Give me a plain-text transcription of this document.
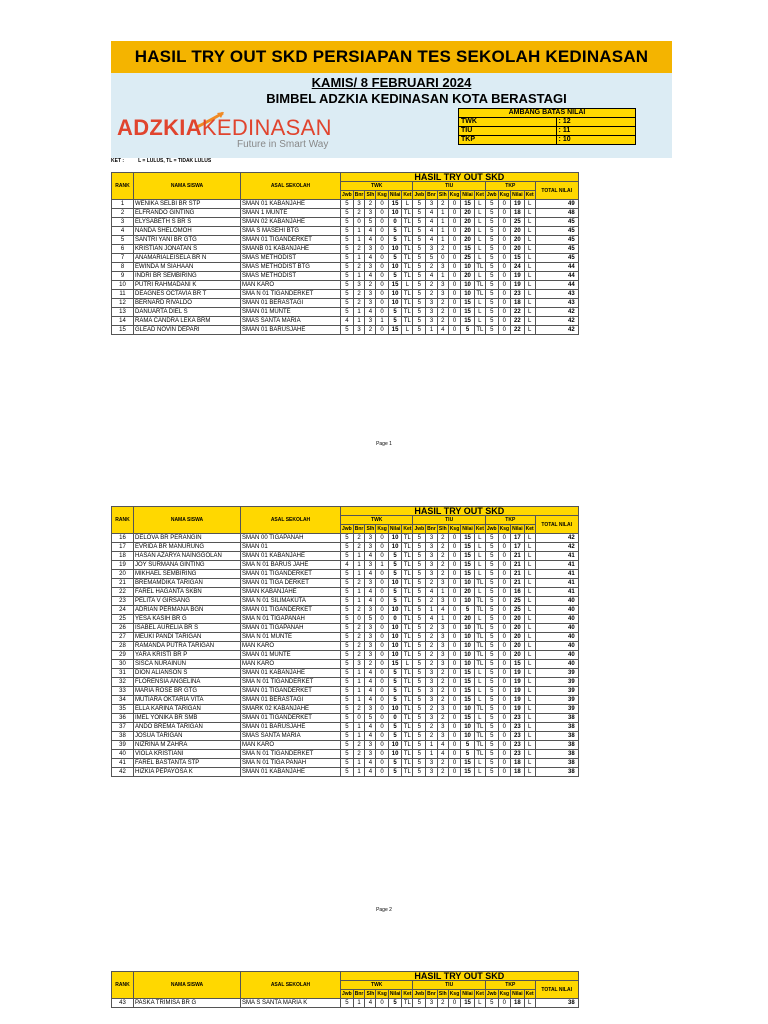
HASIL TRY OUT SKD PERSIAPAN TES SEKOLAH KEDINASAN
KAMIS/ 8 FEBRUARI 2024
BIMBEL ADZKIA KEDINASAN KOTA BERASTAGI
ADZKIAKEDINASAN
Future in Smart Way
AMBANG BATAS NILAI	
TWK	: 12
TIU	: 11
TKP	: 10
KET :	L = LULUS, TL = TIDAK LULUS
RANK	NAMA SISWA	ASAL SEKOLAH	HASIL TRY OUT SKD																
			TWK						TIU						TKP				TOTAL NILAI
			Jwb	Bnr	Slh	Ksg	Nilai	Ket	Jwb	Bnr	Slh	Ksg	Nilai	Ket	Jwb	Ksg	Nilai	Ket	
1	WENIKA SELBI BR STP	SMAN 01 KABANJAHE	5	3	2	0	15	L	5	3	2	0	15	L	5	0	19	L	49
2	ELFRANDO GINTING	SMAN 1 MUNTE	5	2	3	0	10	TL	5	4	1	0	20	L	5	0	18	L	48
3	ELYSABETH S BR S	SMAN 02 KABANJAHE	5	0	5	0	0	TL	5	4	1	0	20	L	5	0	25	L	45
4	NANDA SHELOMOH	SMA S MASEHI BTG	5	1	4	0	5	TL	5	4	1	0	20	L	5	0	20	L	45
5	SANTRI YANI BR GTG	SMAN 01 TIGANDERKET	5	1	4	0	5	TL	5	4	1	0	20	L	5	0	20	L	45
6	KRISTIAN JONATAN S	SMANB 01 KABANJAHE	5	2	3	0	10	TL	5	3	2	0	15	L	5	0	20	L	45
7	ANAMARIALEISELA BR N	SMAS METHODIST	5	1	4	0	5	TL	5	5	0	0	25	L	5	0	15	L	45
8	EWINDA M SIAHAAN	SMAS METHODIST BTG	5	2	3	0	10	TL	5	2	3	0	10	TL	5	0	24	L	44
9	INDRI BR SEMBIRING	SMAS METHODIST	5	1	4	0	5	TL	5	4	1	0	20	L	5	0	19	L	44
10	PUTRI RAHMADANI K	MAN KARO	5	3	2	0	15	L	5	2	3	0	10	TL	5	0	19	L	44
11	DEAGNES OCTAVIA BR T	SMA N 01 TIGANDERKET	5	2	3	0	10	TL	5	2	3	0	10	TL	5	0	23	L	43
12	BERNARD RIVALDO	SMAN 01 BERASTAGI	5	2	3	0	10	TL	5	3	2	0	15	L	5	0	18	L	43
13	DANUARTA DIEL S	SMAN 01 MUNTE	5	1	4	0	5	TL	5	3	2	0	15	L	5	0	22	L	42
14	RAMA CANDRA LEKA BRM	SMAS SANTA MARIA	4	1	3	1	5	TL	5	3	2	0	15	L	5	0	22	L	42
15	GLEAD NOVIN DEPARI	SMAN 01 BARUSJAHE	5	3	2	0	15	L	5	1	4	0	5	TL	5	0	22	L	42
RANK	NAMA SISWA	ASAL SEKOLAH	HASIL TRY OUT SKD																
			TWK						TIU						TKP				TOTAL NILAI
			Jwb	Bnr	Slh	Ksg	Nilai	Ket	Jwb	Bnr	Slh	Ksg	Nilai	Ket	Jwb	Ksg	Nilai	Ket	
16	DELOVA BR PERANGIN	SMAN 00 TIGAPANAH	5	2	3	0	10	TL	5	3	2	0	15	L	5	0	17	L	42
17	EVRIDA BR MANURUNG	SMAN 01	5	2	3	0	10	TL	5	3	2	0	15	L	5	0	17	L	42
18	HASAN AZARYA NAINGGOLAN	SMAN 01 KABANJAHE	5	1	4	0	5	TL	5	3	2	0	15	L	5	0	21	L	41
19	JOY SURMANA GINTING	SMA N 01 BARUS JAHE	4	1	3	1	5	TL	5	3	2	0	15	L	5	0	21	L	41
20	MIKHAEL SEMBIRING	SMAN 01 TIGANDERKET	5	1	4	0	5	TL	5	3	2	0	15	L	5	0	21	L	41
21	BREMAMDIKA TARIGAN	SMAN 01 TIGA DERKET	5	2	3	0	10	TL	5	2	3	0	10	TL	5	0	21	L	41
22	FAREL HAGANTA SKBN	SMAN KABANJAHE	5	1	4	0	5	TL	5	4	1	0	20	L	5	0	16	L	41
23	PELITA V GIRSANG	SMA N 01 SILIMAKUTA	5	1	4	0	5	TL	5	2	3	0	10	TL	5	0	25	L	40
24	ADRIAN PERMANA BGN	SMAN 01 TIGANDERKET	5	2	3	0	10	TL	5	1	4	0	5	TL	5	0	25	L	40
25	YESA KASIH BR G	SMA N 01 TIGAPANAH	5	0	5	0	0	TL	5	4	1	0	20	L	5	0	20	L	40
26	ISABEL AURELIA BR S	SMAN 01 TIGAPANAH	5	2	3	0	10	TL	5	2	3	0	10	TL	5	0	20	L	40
27	MEUKI PANDI TARIGAN	SMA N 01 MUNTE	5	2	3	0	10	TL	5	2	3	0	10	TL	5	0	20	L	40
28	RAMANDA PUTRA TARIGAN	MAN KARO	5	2	3	0	10	TL	5	2	3	0	10	TL	5	0	20	L	40
29	YARA KRISTI BR P	SMAN 01 MUNTE	5	2	3	0	10	TL	5	2	3	0	10	TL	5	0	20	L	40
30	SISCA NURAINUN	MAN KARO	5	3	2	0	15	L	5	2	3	0	10	TL	5	0	15	L	40
31	DION ALIANSON S	SMAN 01 KABANJAHE	5	1	4	0	5	TL	5	3	2	0	15	L	5	0	19	L	39
32	FLORENSIA ANGELINA	SMA N 01 TIGANDERKET	5	1	4	0	5	TL	5	3	2	0	15	L	5	0	19	L	39
33	MARIA ROSE BR GTG	SMAN 01 TIGANDERKET	5	1	4	0	5	TL	5	3	2	0	15	L	5	0	19	L	39
34	MUTIARA OKTARIA VITA	SMAN 01 BERASTAGI	5	1	4	0	5	TL	5	3	2	0	15	L	5	0	19	L	39
35	ELLA KARINA TARIGAN	SMARK 02 KABANJAHE	5	2	3	0	10	TL	5	2	3	0	10	TL	5	0	19	L	39
36	IMEL YONIKA BR SMB	SMAN 01 TIGANDERKET	5	0	5	0	0	TL	5	3	2	0	15	L	5	0	23	L	38
37	ANDO BREMA TARIGAN	SMAN 01 BARUSJAHE	5	1	4	0	5	TL	5	2	3	0	10	TL	5	0	23	L	38
38	JOSUA TARIGAN	SMAS SANTA MARIA	5	1	4	0	5	TL	5	2	3	0	10	TL	5	0	23	L	38
39	NIZRINA M ZAHRA	MAN KARO	5	2	3	0	10	TL	5	1	4	0	5	TL	5	0	23	L	38
40	VIOLA KRISTIANI	SMA N 01 TIGANDERKET	5	2	3	0	10	TL	5	1	4	0	5	TL	5	0	23	L	38
41	FAREL BASTANTA STP	SMA N 01 TIGA PANAH	5	1	4	0	5	TL	5	3	2	0	15	L	5	0	18	L	38
42	HIZKIA PEPAYOSA K	SMAN 01 KABANJAHE	5	1	4	0	5	TL	5	3	2	0	15	L	5	0	18	L	38
RANK	NAMA SISWA	ASAL SEKOLAH	HASIL TRY OUT SKD																
			TWK						TIU						TKP				TOTAL NILAI
			Jwb	Bnr	Slh	Ksg	Nilai	Ket	Jwb	Bnr	Slh	Ksg	Nilai	Ket	Jwb	Ksg	Nilai	Ket	
43	PASKA TRIMISA BR G	SMA S SANTA MARIA K	5	1	4	0	5	TL	5	3	2	0	15	L	5	0	18	L	38
Page 1
Page 2
